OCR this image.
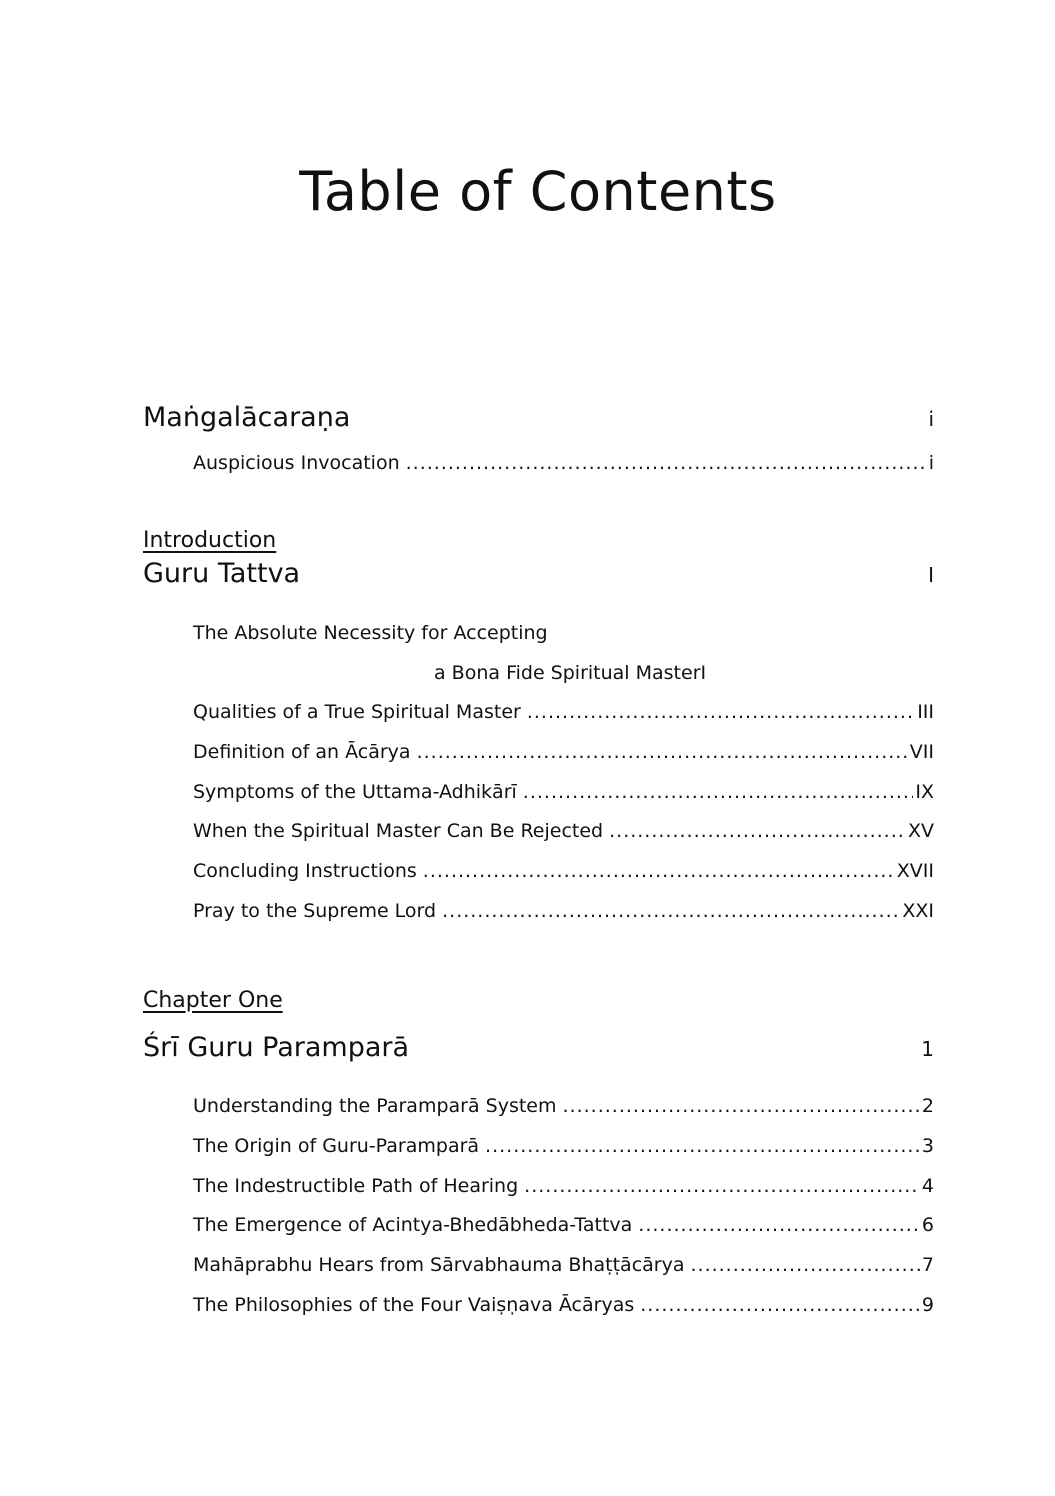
Table of Contents
Maṅgalācaraṇa	i
Auspicious Invocation .....	i
Introduction
Guru Tattva	I
The Absolute Necessity for Accepting
a Bona Fide Spiritual Master I
Qualities of a True Spiritual Master .....	III
Definition of an Ācārya .....	VII
Symptoms of the Uttama-Adhikārī .....	IX
When the Spiritual Master Can Be Rejected .....	XV
Concluding Instructions .....	XVII
Pray to the Supreme Lord .....	XXI
Chapter One
Śrī Guru Paramparā	1
Understanding the Paramparā System .....	2
The Origin of Guru-Paramparā .....	3
The Indestructible Path of Hearing .....	4
The Emergence of Acintya-Bhedābheda-Tattva .....	6
Mahāprabhu Hears from Sārvabhauma Bhaṭṭācārya .....	7
The Philosophies of the Four Vaiṣṇava Ācāryas .....	9
